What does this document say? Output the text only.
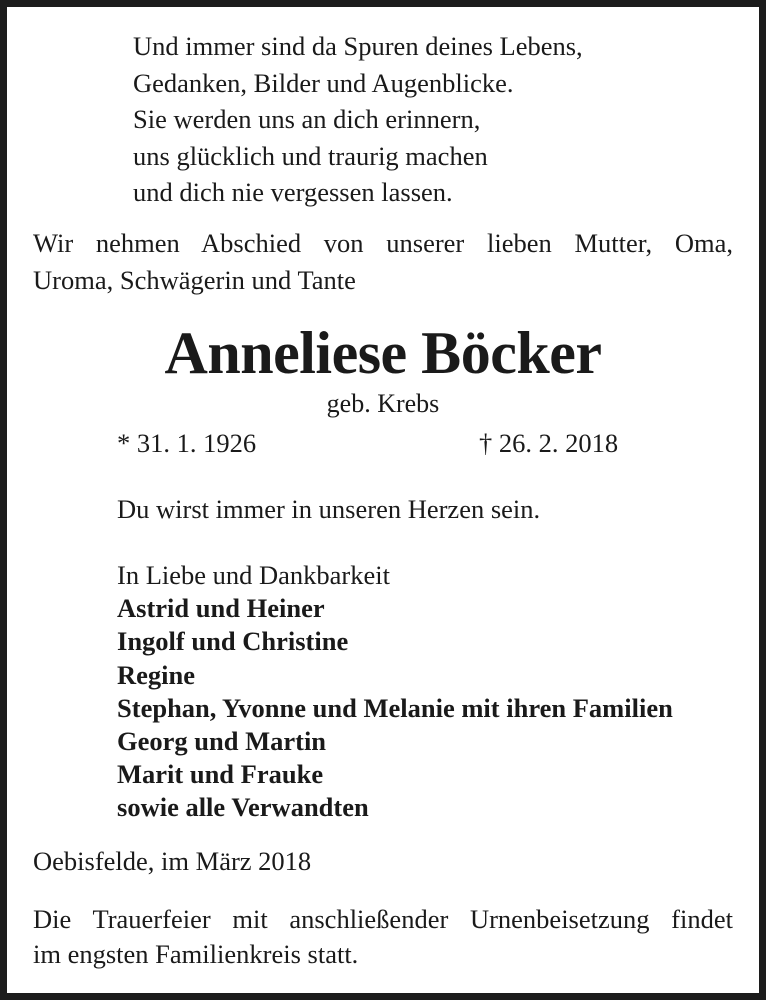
Und immer sind da Spuren deines Lebens,
Gedanken, Bilder und Augenblicke.
Sie werden uns an dich erinnern,
uns glücklich und traurig machen
und dich nie vergessen lassen.
Wir nehmen Abschied von unserer lieben Mutter, Oma,
Uroma, Schwägerin und Tante
Anneliese Böcker
geb. Krebs
* 31. 1. 1926	† 26. 2. 2018
Du wirst immer in unseren Herzen sein.
In Liebe und Dankbarkeit
Astrid und Heiner
Ingolf und Christine
Regine
Stephan, Yvonne und Melanie mit ihren Familien
Georg und Martin
Marit und Frauke
sowie alle Verwandten
Oebisfelde, im März 2018
Die Trauerfeier mit anschließender Urnenbeisetzung findet
im engsten Familienkreis statt.
